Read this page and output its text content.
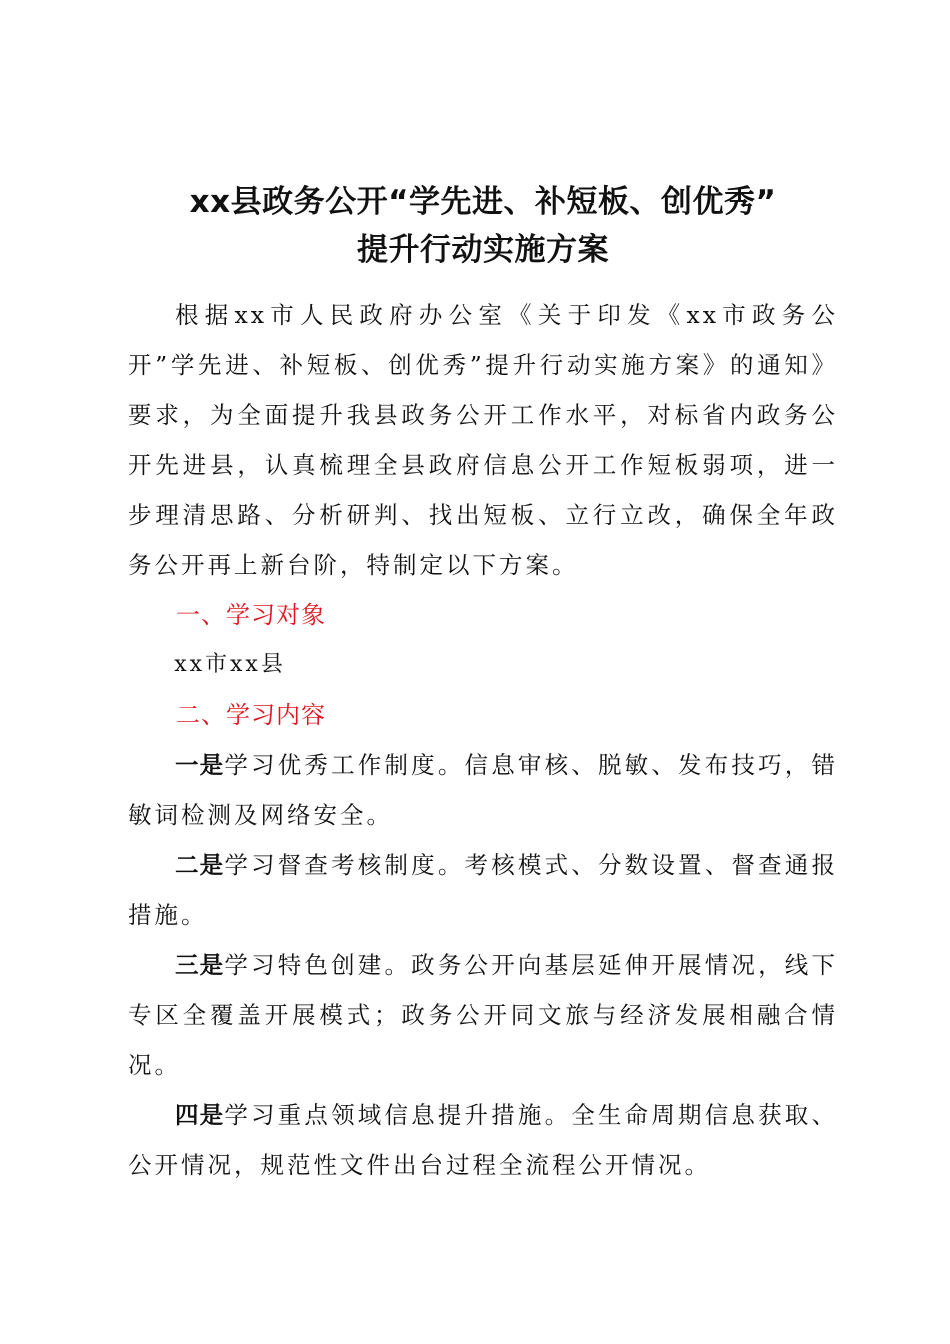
xx县政务公开“学先进、补短板、创优秀”
提升行动实施方案

根据xx市人民政府办公室《关于印发《xx市政务公开”学先进、补短板、创优秀”提升行动实施方案》的通知》要求，为全面提升我县政务公开工作水平，对标省内政务公开先进县，认真梳理全县政府信息公开工作短板弱项，进一步理清思路、分析研判、找出短板、立行立改，确保全年政务公开再上新台阶，特制定以下方案。

一、学习对象

xx市xx县

二、学习内容

一是学习优秀工作制度。信息审核、脱敏、发布技巧，错敏词检测及网络安全。

二是学习督查考核制度。考核模式、分数设置、督查通报措施。

三是学习特色创建。政务公开向基层延伸开展情况，线下专区全覆盖开展模式；政务公开同文旅与经济发展相融合情况。

四是学习重点领域信息提升措施。全生命周期信息获取、公开情况，规范性文件出台过程全流程公开情况。
